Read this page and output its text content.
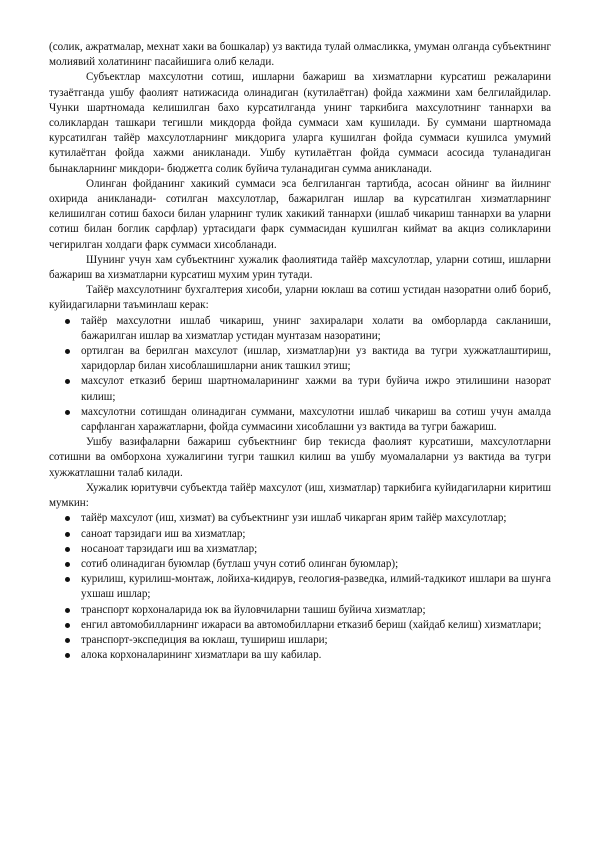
(солик, ажратмалар, мехнат хаки ва бошкалар) уз вактида тулай олмасликка, умуман олганда субъектнинг молиявий холатининг пасайишига олиб келади.

Субъектлар махсулотни сотиш, ишларни бажариш ва хизматларни курсатиш режаларини тузаётганда ушбу фаолият натижасида олинадиган (кутилаётган) фойда хажмини хам белгилайдилар. Чунки шартномада келишилган бахо курсатилганда унинг таркибига махсулотнинг таннархи ва соликлардан ташкари тегишли микдорда фойда суммаси хам кушилади. Бу суммани шартномада курсатилган тайёр махсулотларнинг микдорига уларга кушилган фойда суммаси кушилса умумий кутилаётган фойда хажми аникланади. Ушбу кутилаётган фойда суммаси асосида туланадиган бынакларнинг микдори- бюджетга солик буйича туланадиган сумма аникланади.

Олинган фойданинг хакикий суммаси эса белгиланган тартибда, асосан ойнинг ва йилнинг охирида аникланади- сотилган махсулотлар, бажарилган ишлар ва курсатилган хизматларнинг келишилган сотиш бахоси билан уларнинг тулик хакикий таннархи (ишлаб чикариш таннархи ва уларни сотиш билан боглик сарфлар) уртасидаги фарк суммасидан кушилган киймат ва акциз соликларини чегирилган холдаги фарк суммаси хисобланади.

Шунинг учун хам субъектнинг хужалик фаолиятида тайёр махсулотлар, уларни сотиш, ишларни бажариш ва хизматларни курсатиш мухим урин тутади.

Тайёр махсулотнинг бухгалтерия хисоби, уларни юклаш ва сотиш устидан назоратни олиб бориб, куйидагиларни таъминлаш керак:

тайёр махсулотни ишлаб чикариш, унинг захиралари холати ва омборларда сакланиши, бажарилган ишлар ва хизматлар устидан мунтазам назоратини;
ортилган ва берилган махсулот (ишлар, хизматлар)ни уз вактида ва тугри хужжатлаштириш, харидорлар билан хисоблашишларни аник ташкил этиш;
махсулот етказиб бериш шартномаларининг хажми ва тури буйича ижро этилишини назорат килиш;
махсулотни сотишдан олинадиган суммани, махсулотни ишлаб чикариш ва сотиш учун амалда сарфланган харажатларни, фойда суммасини хисоблашни уз вактида ва тугри бажариш.

Ушбу вазифаларни бажариш субъектнинг бир текисда фаолият курсатиши, махсулотларни сотишни ва омборхона хужалигини тугри ташкил килиш ва ушбу муомалаларни уз вактида ва тугри хужжатлашни талаб килади.

Хужалик юритувчи субъектда тайёр махсулот (иш, хизматлар) таркибига куйидагиларни киритиш мумкин:

тайёр махсулот (иш, хизмат) ва субъектнинг узи ишлаб чикарган ярим тайёр махсулотлар;
саноат тарзидаги иш ва хизматлар;
носаноат тарзидаги иш ва хизматлар;
сотиб олинадиган буюмлар (бутлаш учун сотиб олинган буюмлар);
курилиш, курилиш-монтаж, лойиха-кидирув, геология-разведка, илмий-тадкикот ишлари ва шунга ухшаш ишлар;
транспорт корхоналарида юк ва йуловчиларни ташиш буйича хизматлар;
енгил автомобилларнинг ижараси ва автомобилларни етказиб бериш (хайдаб келиш) хизматлари;
транспорт-экспедиция ва юклаш, тушириш ишлари;
алока корхоналарининг хизматлари ва шу кабилар.
